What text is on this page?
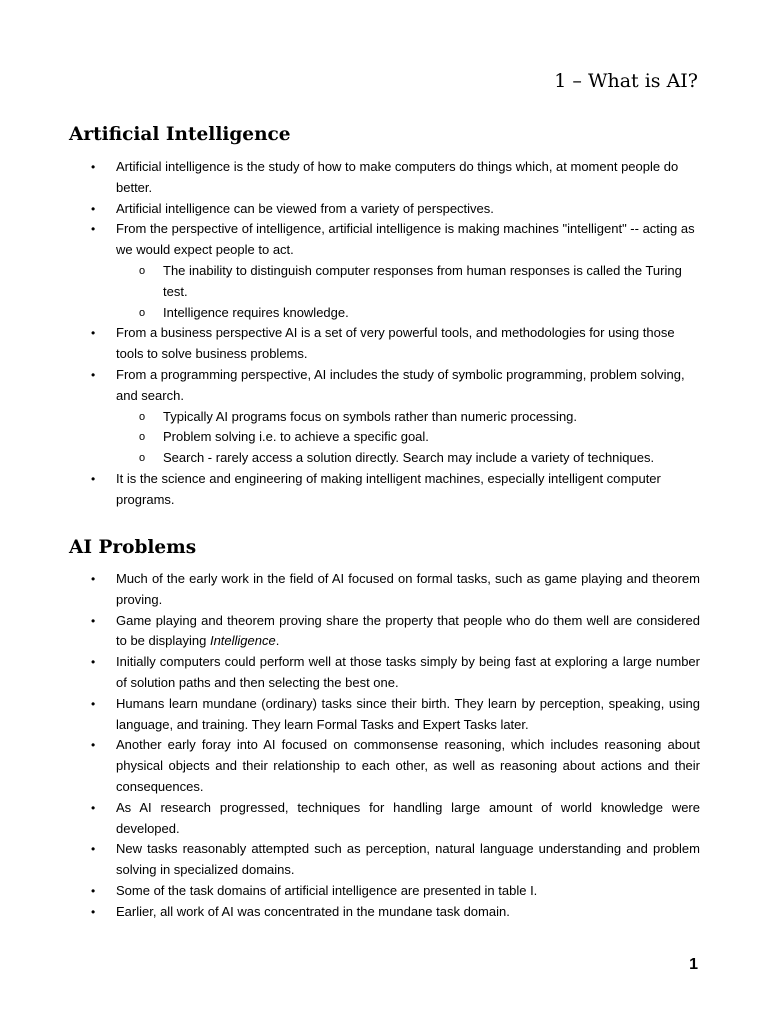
1 – What is AI?
Artificial Intelligence
• Artificial intelligence is the study of how to make computers do things which, at moment people do better.
• Artificial intelligence can be viewed from a variety of perspectives.
• From the perspective of intelligence, artificial intelligence is making machines "intelligent" -- acting as we would expect people to act.
o The inability to distinguish computer responses from human responses is called the Turing test.
o Intelligence requires knowledge.
• From a business perspective AI is a set of very powerful tools, and methodologies for using those tools to solve business problems.
• From a programming perspective, AI includes the study of symbolic programming, problem solving, and search.
o Typically AI programs focus on symbols rather than numeric processing.
o Problem solving i.e. to achieve a specific goal.
o Search - rarely access a solution directly. Search may include a variety of techniques.
• It is the science and engineering of making intelligent machines, especially intelligent computer programs.
AI Problems
• Much of the early work in the field of AI focused on formal tasks, such as game playing and theorem proving.
• Game playing and theorem proving share the property that people who do them well are considered to be displaying Intelligence.
• Initially computers could perform well at those tasks simply by being fast at exploring a large number of solution paths and then selecting the best one.
• Humans learn mundane (ordinary) tasks since their birth. They learn by perception, speaking, using language, and training. They learn Formal Tasks and Expert Tasks later.
• Another early foray into AI focused on commonsense reasoning, which includes reasoning about physical objects and their relationship to each other, as well as reasoning about actions and their consequences.
• As AI research progressed, techniques for handling large amount of world knowledge were developed.
• New tasks reasonably attempted such as perception, natural language understanding and problem solving in specialized domains.
• Some of the task domains of artificial intelligence are presented in table I.
• Earlier, all work of AI was concentrated in the mundane task domain.

1
